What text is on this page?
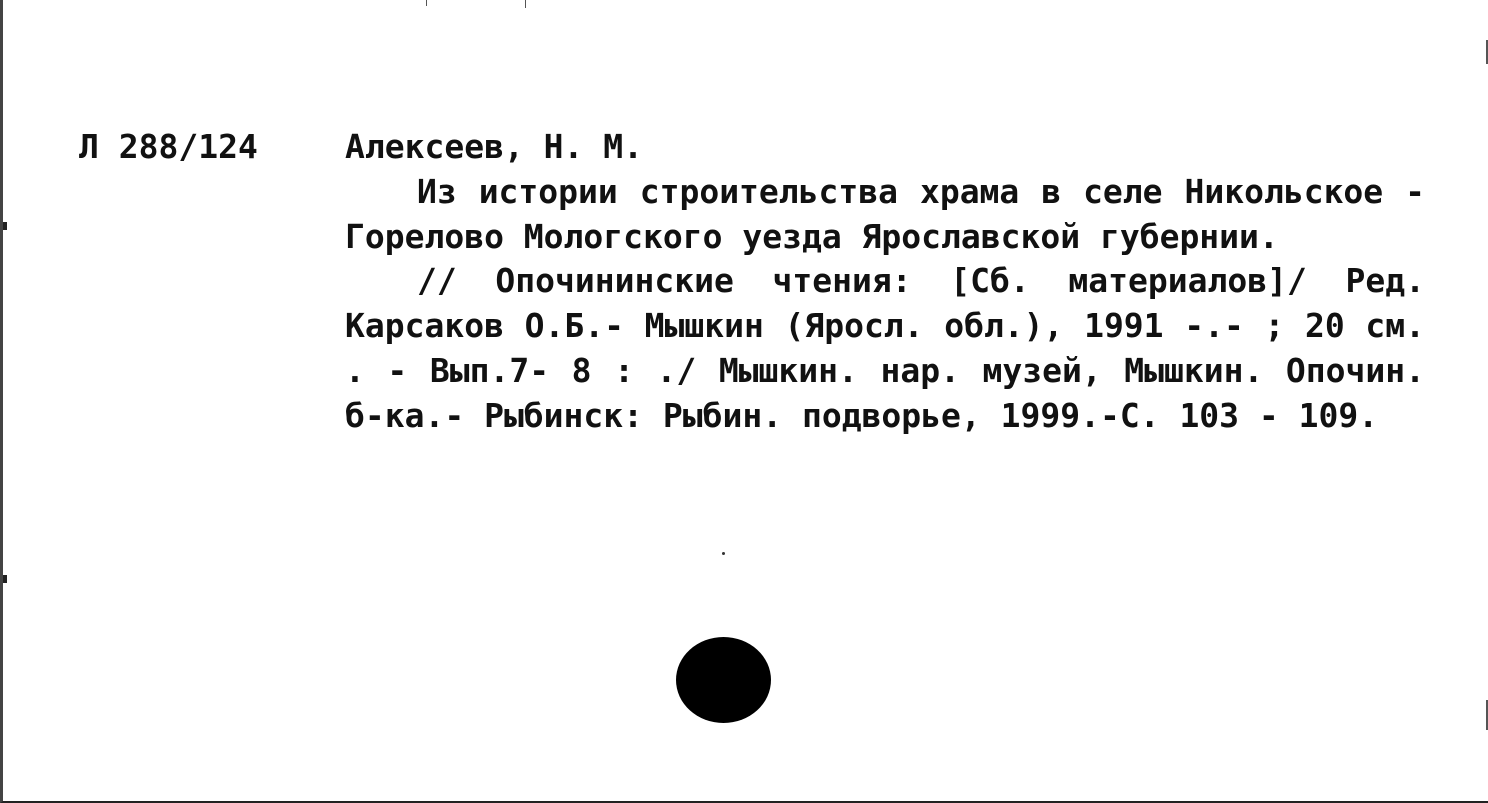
Л 288/124	Алексеев, Н. М.

Из истории строительства храма в селе Никольское - Горелово Мологского уезда Ярославской губернии.

// Опочининские чтения: [Сб. материалов]/ Ред. Карсаков О.Б.- Мышкин (Яросл. обл.), 1991 -.- ; 20 см. . - Вып.7- 8 : ./ Мышкин. нар. музей, Мышкин. Опочин. б-ка.- Рыбинск: Рыбин. подворье, 1999.-С. 103 - 109.
